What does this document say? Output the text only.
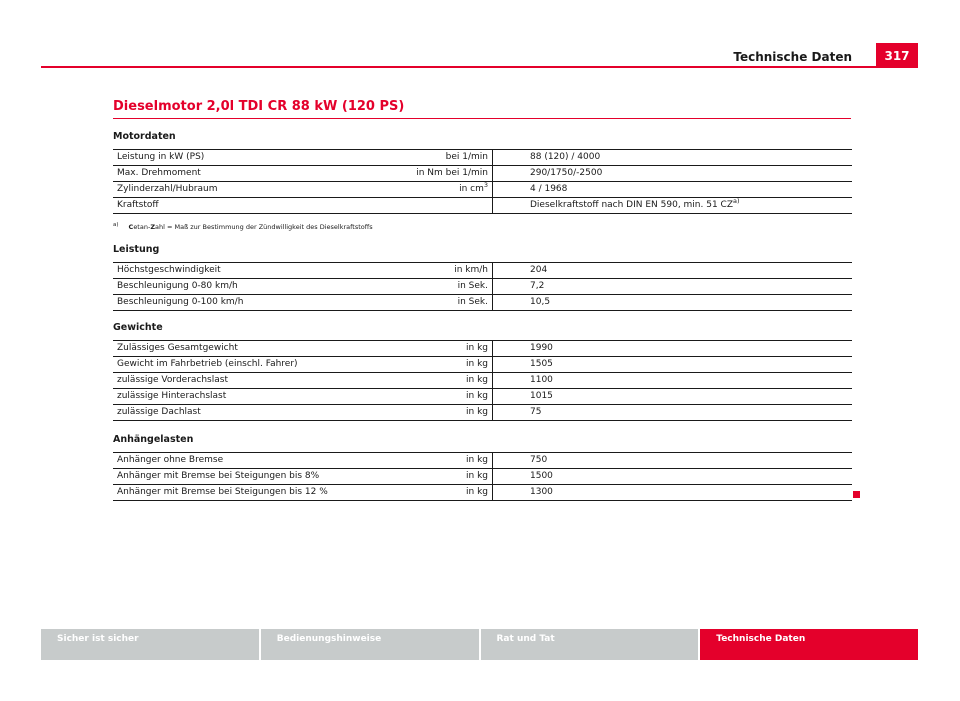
Technische Daten	317
Dieselmotor 2,0l TDI CR 88 kW (120 PS)
Motordaten
Leistung in kW (PS)	bei 1/min	88 (120) / 4000
Max. Drehmoment	in Nm bei 1/min	290/1750/-2500
Zylinderzahl/Hubraum	in $cm^3$	4 / 1968
Kraftstoff		Dieselkraftstoff nach DIN EN 590, min. 51 CZ$^{a)}$
$^{a)}$ Cetan-Zahl = Maß zur Bestimmung der Zündwilligkeit des Dieselkraftstoffs
Leistung
Höchstgeschwindigkeit	in km/h	204
Beschleunigung 0-80 km/h	in Sek.	7,2
Beschleunigung 0-100 km/h	in Sek.	10,5
Gewichte
Zulässiges Gesamtgewicht	in kg	1990
Gewicht im Fahrbetrieb (einschl. Fahrer)	in kg	1505
zulässige Vorderachslast	in kg	1100
zulässige Hinterachslast	in kg	1015
zulässige Dachlast	in kg	75
Anhängelasten
Anhänger ohne Bremse	in kg	750
Anhänger mit Bremse bei Steigungen bis 8%	in kg	1500
Anhänger mit Bremse bei Steigungen bis 12 %	in kg	1300
Sicher ist sicher	Bedienungshinweise	Rat und Tat	Technische Daten
